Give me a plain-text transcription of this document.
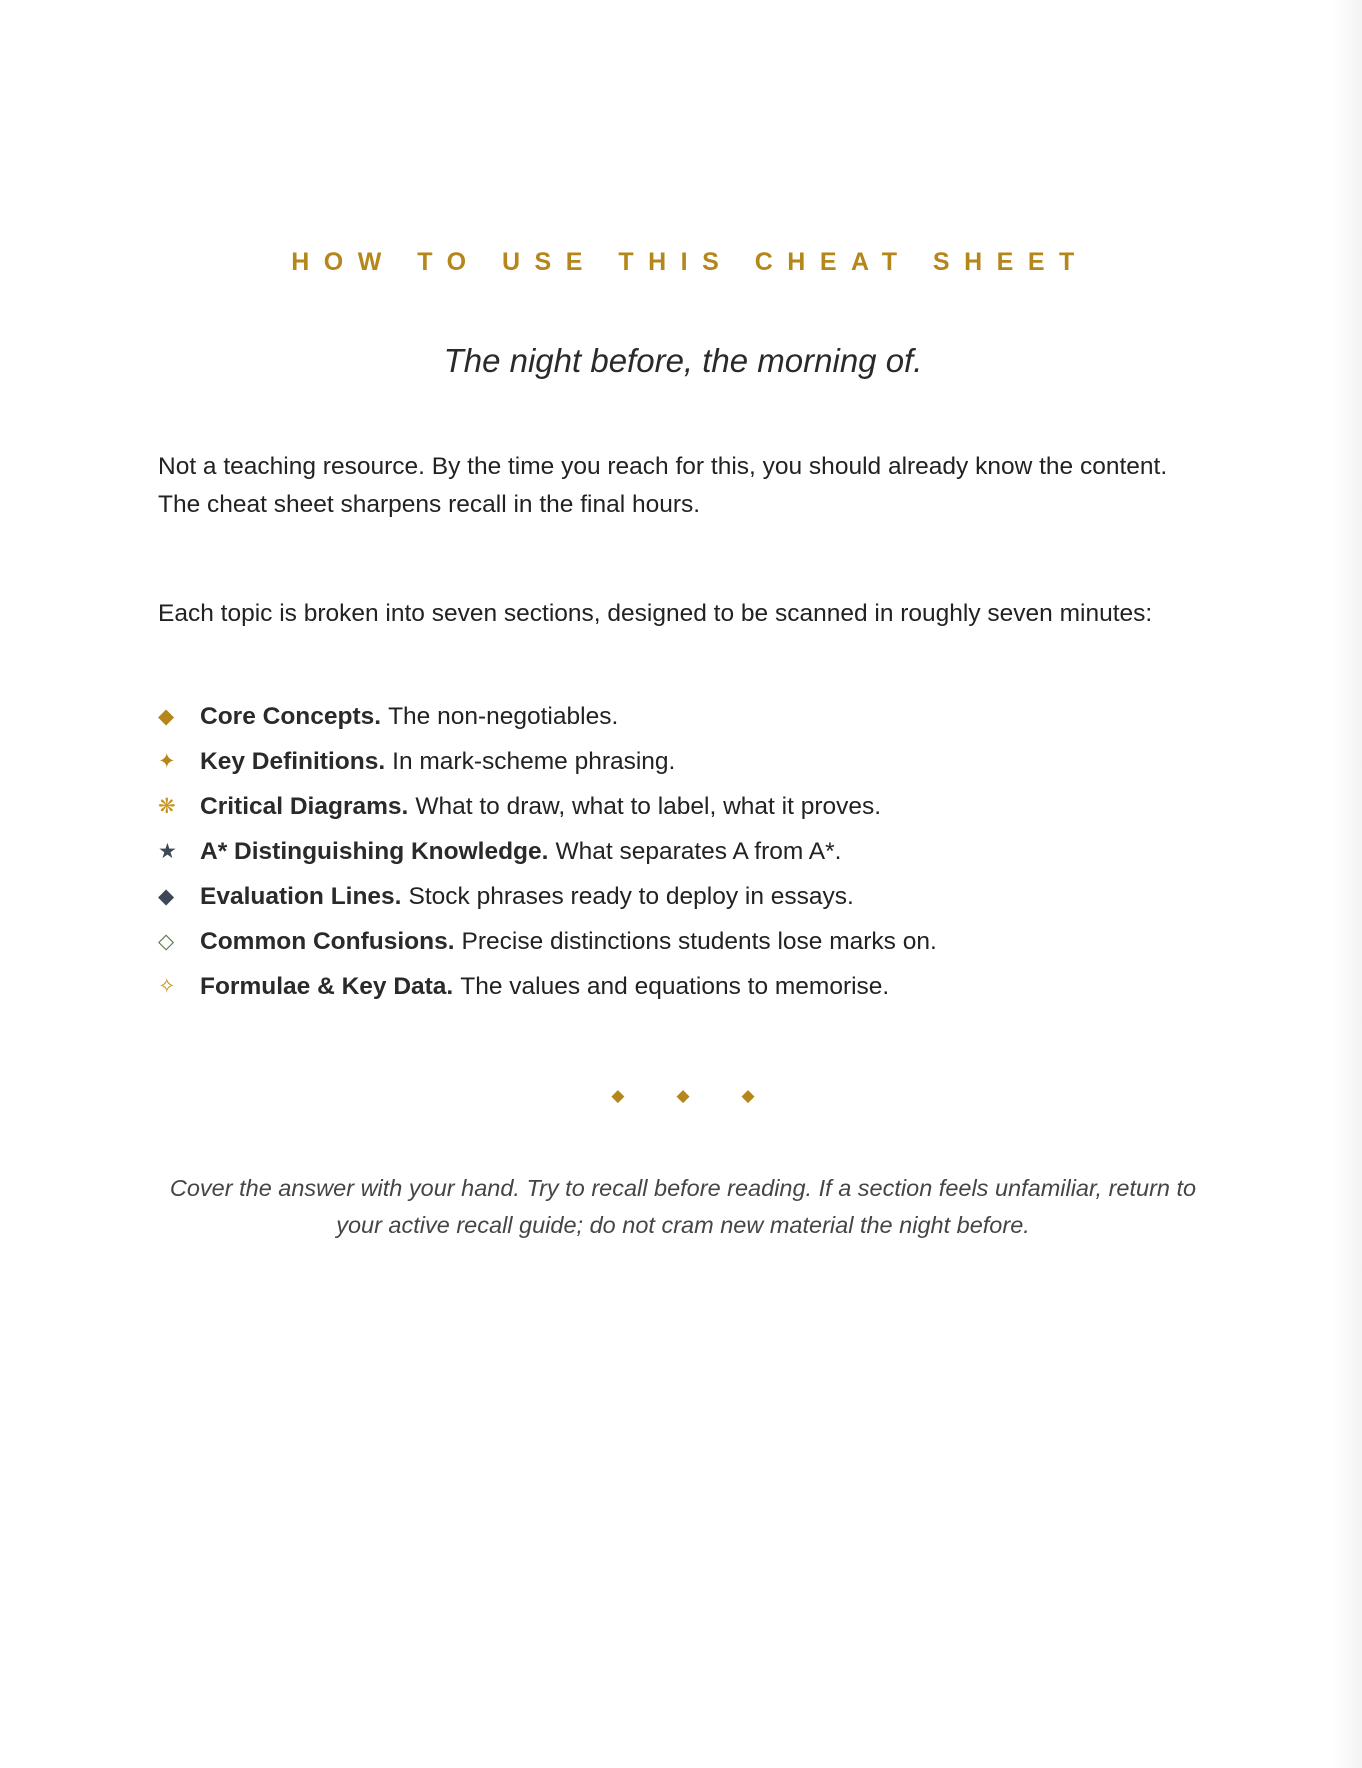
HOW TO USE THIS CHEAT SHEET
The night before, the morning of.
Not a teaching resource. By the time you reach for this, you should already know the content.
The cheat sheet sharpens recall in the final hours.
Each topic is broken into seven sections, designed to be scanned in roughly seven minutes:
◆	Core Concepts. The non-negotiables.
✦ Key Definitions. In mark-scheme phrasing.
❋ Critical Diagrams. What to draw, what to label, what it proves.
★ A* Distinguishing Knowledge. What separates A from A*.
◆	Evaluation Lines. Stock phrases ready to deploy in essays.
◇	Common Confusions. Precise distinctions students lose marks on.
✧ Formulae & Key Data. The values and equations to memorise.
◆◆◆
Cover the answer with your hand. Try to recall before reading. If a section feels unfamiliar, return to
your active recall guide; do not cram new material the night before.
